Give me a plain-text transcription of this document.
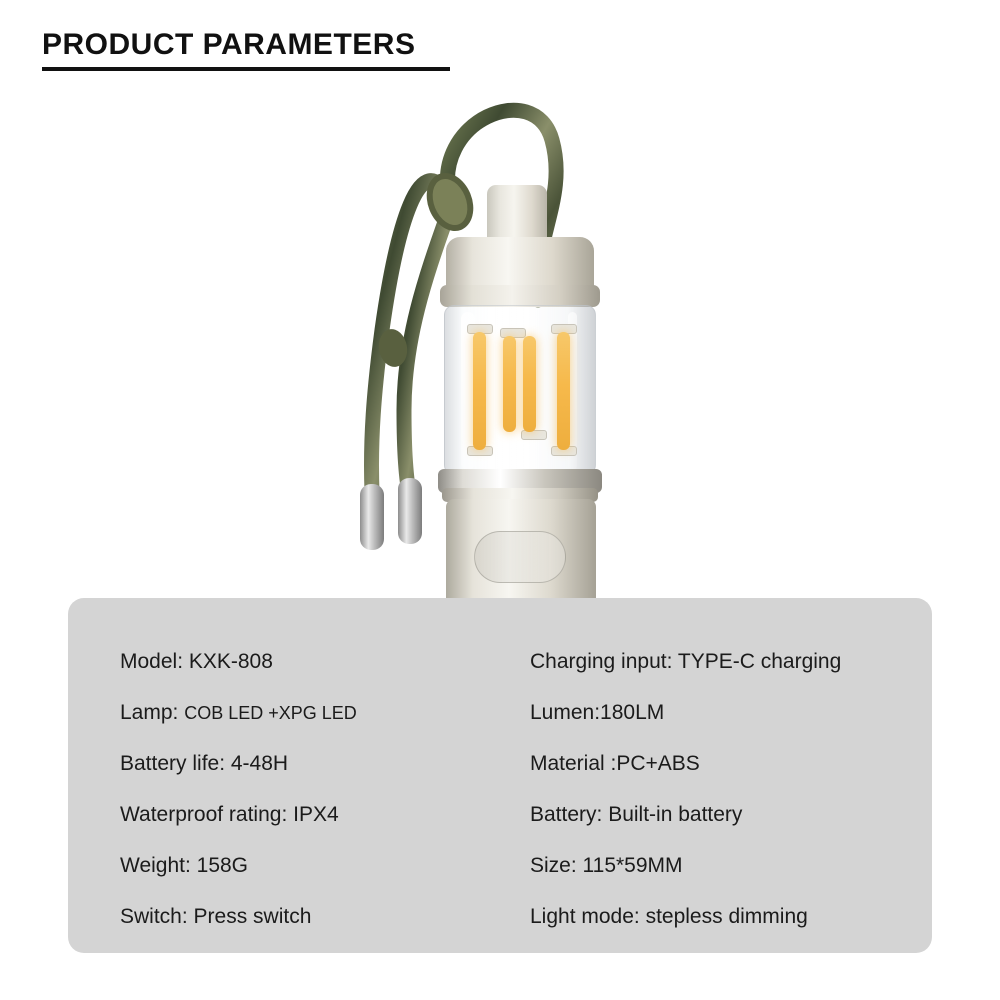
PRODUCT PARAMETERS
Model: KXK-808	Charging input: TYPE-C charging
Lamp: COB LED +XPG LED	Lumen:180LM
Battery life: 4-48H	Material :PC+ABS
Waterproof rating: IPX4	Battery: Built-in battery
Weight: 158G	Size: 115*59MM
Switch: Press switch	Light mode: stepless dimming
